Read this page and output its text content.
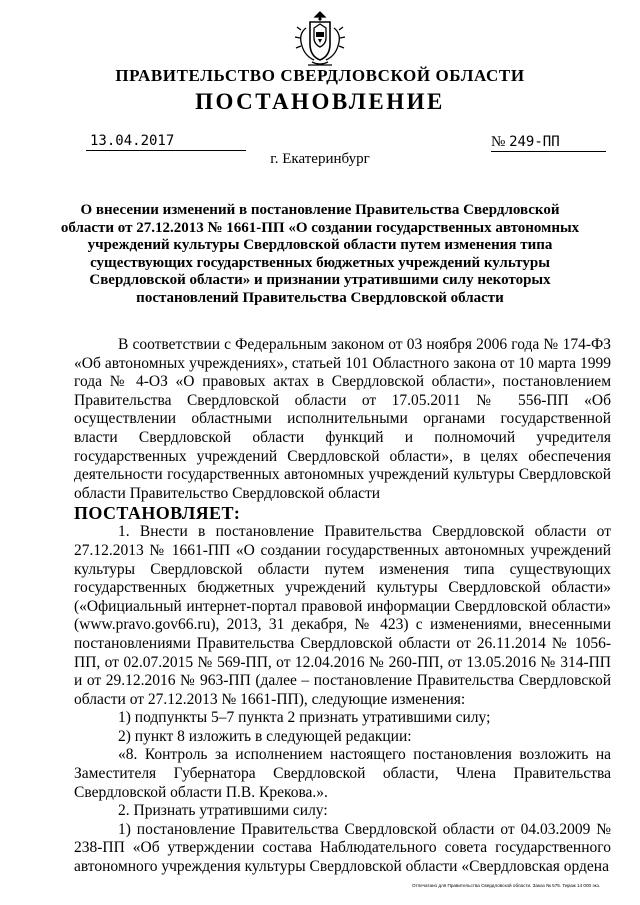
ПРАВИТЕЛЬСТВО СВЕРДЛОВСКОЙ ОБЛАСТИ
ПОСТАНОВЛЕНИЕ
13.04.2017	№ 249-ПП
г. Екатеринбург
О внесении изменений в постановление Правительства Свердловской области от 27.12.2013 № 1661-ПП «О создании государственных автономных учреждений культуры Свердловской области путем изменения типа существующих государственных бюджетных учреждений культуры Свердловской области» и признании утратившими силу некоторых постановлений Правительства Свердловской области

В соответствии с Федеральным законом от 03 ноября 2006 года № 174-ФЗ «Об автономных учреждениях», статьей 101 Областного закона от 10 марта 1999 года № 4-ОЗ «О правовых актах в Свердловской области», постановлением Правительства Свердловской области от 17.05.2011 № 556-ПП «Об осуществлении областными исполнительными органами государственной власти Свердловской области функций и полномочий учредителя государственных учреждений Свердловской области», в целях обеспечения деятельности государственных автономных учреждений культуры Свердловской области Правительство Свердловской области

ПОСТАНОВЛЯЕТ:

1. Внести в постановление Правительства Свердловской области от 27.12.2013 № 1661-ПП «О создании государственных автономных учреждений культуры Свердловской области путем изменения типа существующих государственных бюджетных учреждений культуры Свердловской области» («Официальный интернет-портал правовой информации Свердловской области» (www.pravo.gov66.ru), 2013, 31 декабря, № 423) с изменениями, внесенными постановлениями Правительства Свердловской области от 26.11.2014 № 1056-ПП, от 02.07.2015 № 569-ПП, от 12.04.2016 № 260-ПП, от 13.05.2016 № 314-ПП и от 29.12.2016 № 963-ПП (далее – постановление Правительства Свердловской области от 27.12.2013 № 1661-ПП), следующие изменения:

1) подпункты 5–7 пункта 2 признать утратившими силу;

2) пункт 8 изложить в следующей редакции:

«8. Контроль за исполнением настоящего постановления возложить на Заместителя Губернатора Свердловской области, Члена Правительства Свердловской области П.В. Крекова.».

2. Признать утратившими силу:

1) постановление Правительства Свердловской области от 04.03.2009 № 238-ПП «Об утверждении состава Наблюдательного совета государственного автономного учреждения культуры Свердловской области «Свердловская ордена

Отпечатано для Правительства Свердловской области. Заказ № 575. Тираж 14 000 экз.
